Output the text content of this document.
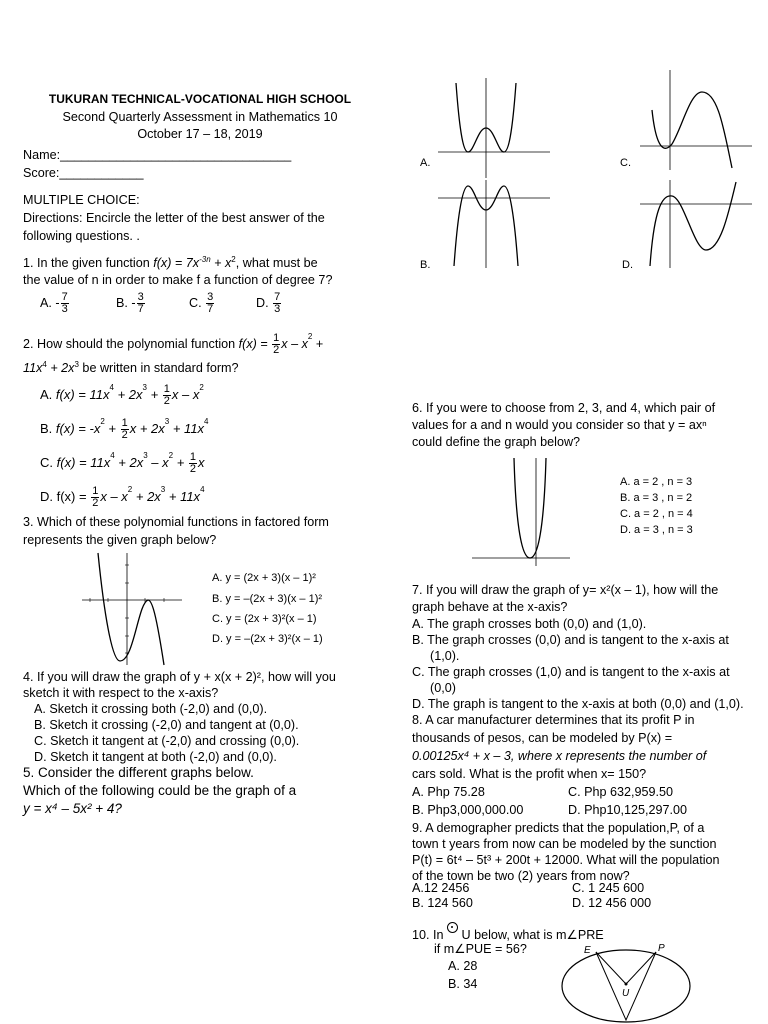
TUKURAN TECHNICAL-VOCATIONAL HIGH SCHOOL
Second Quarterly Assessment in Mathematics 10
October 17 – 18, 2019
Name:_________________________________
Score:____________
MULTIPLE CHOICE:
Directions: Encircle the letter of the best answer of the
following questions. .
1. In the given function $f(x) = 7x^{-3n} + x^2$, what must be
the value of n in order to make f a function of degree 7?
A. - $\frac{7}{3}$	B. - $\frac{3}{7}$	C. $\frac{3}{7}$	D. $\frac{7}{3}$
2. How should the polynomial function $f(x) = \frac{1}{2}$ x – $x^2$ +
$11x^4 + 2x^3$ be written in standard form?
A. $f(x) = 11x^4 + 2x^3 + \frac{1}{2}$ x – $x^2$
B. $f(x) = -x^2 + \frac{1}{2}$ $x + 2x^3 + 11x^4$
C. $f(x) = 11x^4 + 2x^3 - x^2 + \frac{1}{2}$ x
D. $f(x) = \frac{1}{2}$ $x - x^2 + 2x^3 + 11x^4$
3. Which of these polynomial functions in factored form
represents the given graph below?
A. y = (2x + 3)(x – 1)²
B. y = –(2x + 3)(x – 1)²
C. y = (2x + 3)²(x – 1)
D. y = –(2x + 3)²(x – 1)
4. If you will draw the graph of y + x(x + 2)², how will you
sketch it with respect to the x-axis?
A. Sketch it crossing both (-2,0) and (0,0).
B. Sketch it crossing (-2,0) and tangent at (0,0).
C. Sketch it tangent at (-2,0) and crossing (0,0).
D. Sketch it tangent at both (-2,0) and (0,0).
5. Consider the different graphs below.
Which of the following could be the graph of a
y = x⁴ – 5x² + 4?
A.
B.
C.
D.
6. If you were to choose from 2, 3, and 4, which pair of
values for a and n would you consider so that y = axⁿ
could define the graph below?
A. a = 2 , n = 3
B. a = 3 , n = 2
C. a = 2 , n = 4
D. a = 3 , n = 3
7. If you will draw the graph of y= x²(x – 1), how will the
graph behave at the x-axis?
A. The graph crosses both (0,0) and (1,0).
B. The graph crosses (0,0) and is tangent to the x-axis at
(1,0).
C. The graph crosses (1,0) and is tangent to the x-axis at
(0,0)
D. The graph is tangent to the x-axis at both (0,0) and (1,0).
8. A car manufacturer determines that its profit P in
thousands of pesos, can be modeled by P(x) =
0.00125x⁴ + x – 3, where x represents the number of
cars sold. What is the profit when x= 150?
A. Php 75.28	C. Php 632,959.50
B. Php3,000,000.00	D. Php10,125,297.00
9. A demographer predicts that the population,P, of a
town t years from now can be modeled by the sunction
P(t) = 6t⁴ – 5t³ + 200t + 12000. What will the population
of the town be two (2) years from now?
A.12 2456	C. 1 245 600
B. 124 560	D. 12 456 000
10. In
U below, what is m∠PRE
if m∠PUE = 56?
A. 28
B. 34
E	P
U
